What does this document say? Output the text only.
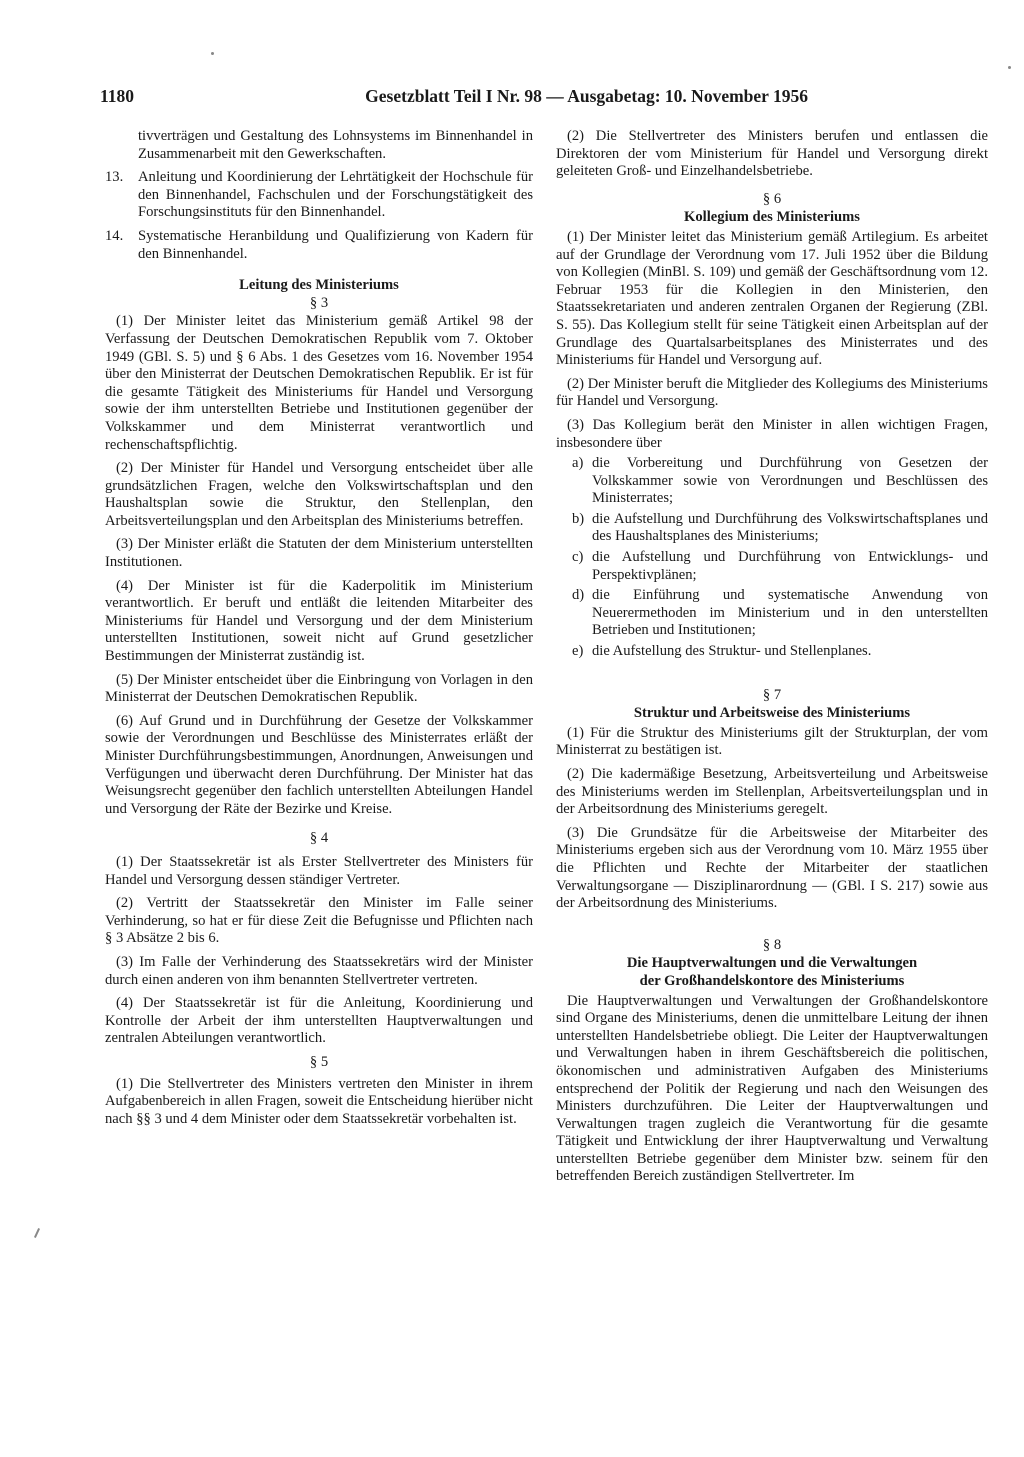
1180	Gesetzblatt Teil I Nr. 98 — Ausgabetag: 10. November 1956

tivverträgen und Gestaltung des Lohnsystems im Binnenhandel in Zusammenarbeit mit den Gewerkschaften.

13. Anleitung und Koordinierung der Lehrtätigkeit der Hochschule für den Binnenhandel, Fachschulen und der Forschungstätigkeit des Forschungsinstituts für den Binnenhandel.

14. Systematische Heranbildung und Qualifizierung von Kadern für den Binnenhandel.

Leitung des Ministeriums
§ 3

(1) Der Minister leitet das Ministerium gemäß Artikel 98 der Verfassung der Deutschen Demokratischen Republik vom 7. Oktober 1949 (GBl. S. 5) und § 6 Abs. 1 des Gesetzes vom 16. November 1954 über den Ministerrat der Deutschen Demokratischen Republik. Er ist für die gesamte Tätigkeit des Ministeriums für Handel und Versorgung sowie der ihm unterstellten Betriebe und Institutionen gegenüber der Volkskammer und dem Ministerrat verantwortlich und rechenschaftspflichtig.

(2) Der Minister für Handel und Versorgung entscheidet über alle grundsätzlichen Fragen, welche den Volkswirtschaftsplan und den Haushaltsplan sowie die Struktur, den Stellenplan, den Arbeitsverteilungsplan und den Arbeitsplan des Ministeriums betreffen.

(3) Der Minister erläßt die Statuten der dem Ministerium unterstellten Institutionen.

(4) Der Minister ist für die Kaderpolitik im Ministerium verantwortlich. Er beruft und entläßt die leitenden Mitarbeiter des Ministeriums für Handel und Versorgung und der dem Ministerium unterstellten Institutionen, soweit nicht auf Grund gesetzlicher Bestimmungen der Ministerrat zuständig ist.

(5) Der Minister entscheidet über die Einbringung von Vorlagen in den Ministerrat der Deutschen Demokratischen Republik.

(6) Auf Grund und in Durchführung der Gesetze der Volkskammer sowie der Verordnungen und Beschlüsse des Ministerrates erläßt der Minister Durchführungsbestimmungen, Anordnungen, Anweisungen und Verfügungen und überwacht deren Durchführung. Der Minister hat das Weisungsrecht gegenüber den fachlich unterstellten Abteilungen Handel und Versorgung der Räte der Bezirke und Kreise.

§ 4

(1) Der Staatssekretär ist als Erster Stellvertreter des Ministers für Handel und Versorgung dessen ständiger Vertreter.

(2) Vertritt der Staatssekretär den Minister im Falle seiner Verhinderung, so hat er für diese Zeit die Befugnisse und Pflichten nach § 3 Absätze 2 bis 6.

(3) Im Falle der Verhinderung des Staatssekretärs wird der Minister durch einen anderen von ihm benannten Stellvertreter vertreten.

(4) Der Staatssekretär ist für die Anleitung, Koordinierung und Kontrolle der Arbeit der ihm unterstellten Hauptverwaltungen und zentralen Abteilungen verantwortlich.

§ 5

(1) Die Stellvertreter des Ministers vertreten den Minister in ihrem Aufgabenbereich in allen Fragen, soweit die Entscheidung hierüber nicht nach §§ 3 und 4 dem Minister oder dem Staatssekretär vorbehalten ist.

(2) Die Stellvertreter des Ministers berufen und entlassen die Direktoren der vom Ministerium für Handel und Versorgung direkt geleiteten Groß- und Einzelhandelsbetriebe.

§ 6
Kollegium des Ministeriums

(1) Der Minister leitet das Ministerium gemäß Artilegium. Es arbeitet auf der Grundlage der Verordnung vom 17. Juli 1952 über die Bildung von Kollegien (MinBl. S. 109) und gemäß der Geschäftsordnung vom 12. Februar 1953 für die Kollegien in den Ministerien, den Staatssekretariaten und anderen zentralen Organen der Regierung (ZBl. S. 55). Das Kollegium stellt für seine Tätigkeit einen Arbeitsplan auf der Grundlage des Quartalsarbeitsplanes des Ministerrates und des Ministeriums für Handel und Versorgung auf.

(2) Der Minister beruft die Mitglieder des Kollegiums des Ministeriums für Handel und Versorgung.

(3) Das Kollegium berät den Minister in allen wichtigen Fragen, insbesondere über

a) die Vorbereitung und Durchführung von Gesetzen der Volkskammer sowie von Verordnungen und Beschlüssen des Ministerrates;

b) die Aufstellung und Durchführung des Volkswirtschaftsplanes und des Haushaltsplanes des Ministeriums;

c) die Aufstellung und Durchführung von Entwicklungs- und Perspektivplänen;

d) die Einführung und systematische Anwendung von Neuerermethoden im Ministerium und in den unterstellten Betrieben und Institutionen;

e) die Aufstellung des Struktur- und Stellenplanes.

§ 7
Struktur und Arbeitsweise des Ministeriums

(1) Für die Struktur des Ministeriums gilt der Strukturplan, der vom Ministerrat zu bestätigen ist.

(2) Die kadermäßige Besetzung, Arbeitsverteilung und Arbeitsweise des Ministeriums werden im Stellenplan, Arbeitsverteilungsplan und in der Arbeitsordnung des Ministeriums geregelt.

(3) Die Grundsätze für die Arbeitsweise der Mitarbeiter des Ministeriums ergeben sich aus der Verordnung vom 10. März 1955 über die Pflichten und Rechte der Mitarbeiter der staatlichen Verwaltungsorgane — Disziplinarordnung — (GBl. I S. 217) sowie aus der Arbeitsordnung des Ministeriums.

§ 8
Die Hauptverwaltungen und die Verwaltungen
der Großhandelskontore des Ministeriums

Die Hauptverwaltungen und Verwaltungen der Großhandelskontore sind Organe des Ministeriums, denen die unmittelbare Leitung der ihnen unterstellten Handelsbetriebe obliegt. Die Leiter der Hauptverwaltungen und Verwaltungen haben in ihrem Geschäftsbereich die politischen, ökonomischen und administrativen Aufgaben des Ministeriums entsprechend der Politik der Regierung und nach den Weisungen des Ministers durchzuführen. Die Leiter der Hauptverwaltungen und Verwaltungen tragen zugleich die Verantwortung für die gesamte Tätigkeit und Entwicklung der ihrer Hauptverwaltung und Verwaltung unterstellten Betriebe gegenüber dem Minister bzw. seinem für den betreffenden Bereich zuständigen Stellvertreter. Im
